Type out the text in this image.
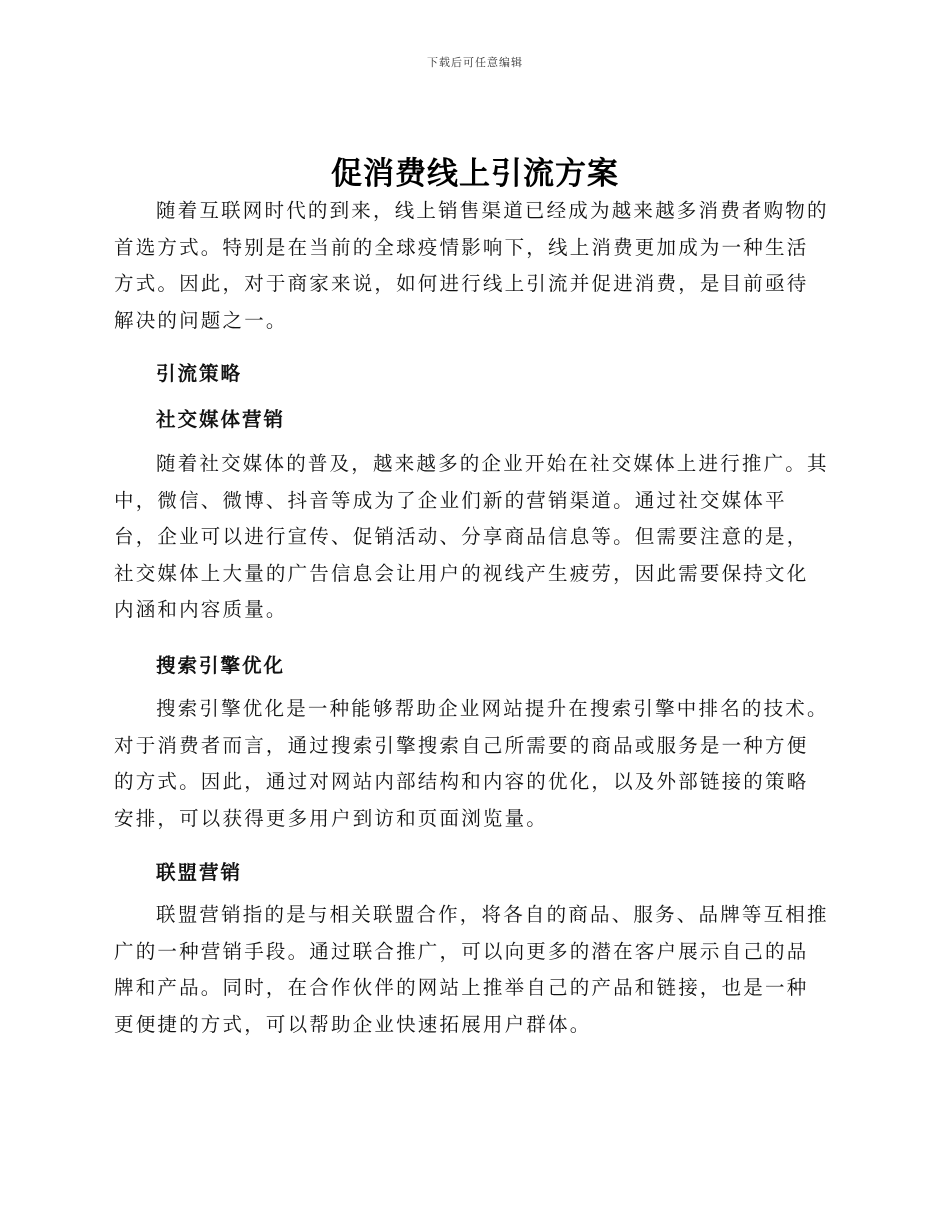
下载后可任意编辑
促消费线上引流方案

随着互联网时代的到来，线上销售渠道已经成为越来越多消费者购物的首选方式。特别是在当前的全球疫情影响下，线上消费更加成为一种生活方式。因此，对于商家来说，如何进行线上引流并促进消费，是目前亟待解决的问题之一。

引流策略
社交媒体营销

随着社交媒体的普及，越来越多的企业开始在社交媒体上进行推广。其中，微信、微博、抖音等成为了企业们新的营销渠道。通过社交媒体平台，企业可以进行宣传、促销活动、分享商品信息等。但需要注意的是，社交媒体上大量的广告信息会让用户的视线产生疲劳，因此需要保持文化内涵和内容质量。

搜索引擎优化

搜索引擎优化是一种能够帮助企业网站提升在搜索引擎中排名的技术。对于消费者而言，通过搜索引擎搜索自己所需要的商品或服务是一种方便的方式。因此，通过对网站内部结构和内容的优化，以及外部链接的策略安排，可以获得更多用户到访和页面浏览量。

联盟营销

联盟营销指的是与相关联盟合作，将各自的商品、服务、品牌等互相推广的一种营销手段。通过联合推广，可以向更多的潜在客户展示自己的品牌和产品。同时，在合作伙伴的网站上推举自己的产品和链接，也是一种更便捷的方式，可以帮助企业快速拓展用户群体。
